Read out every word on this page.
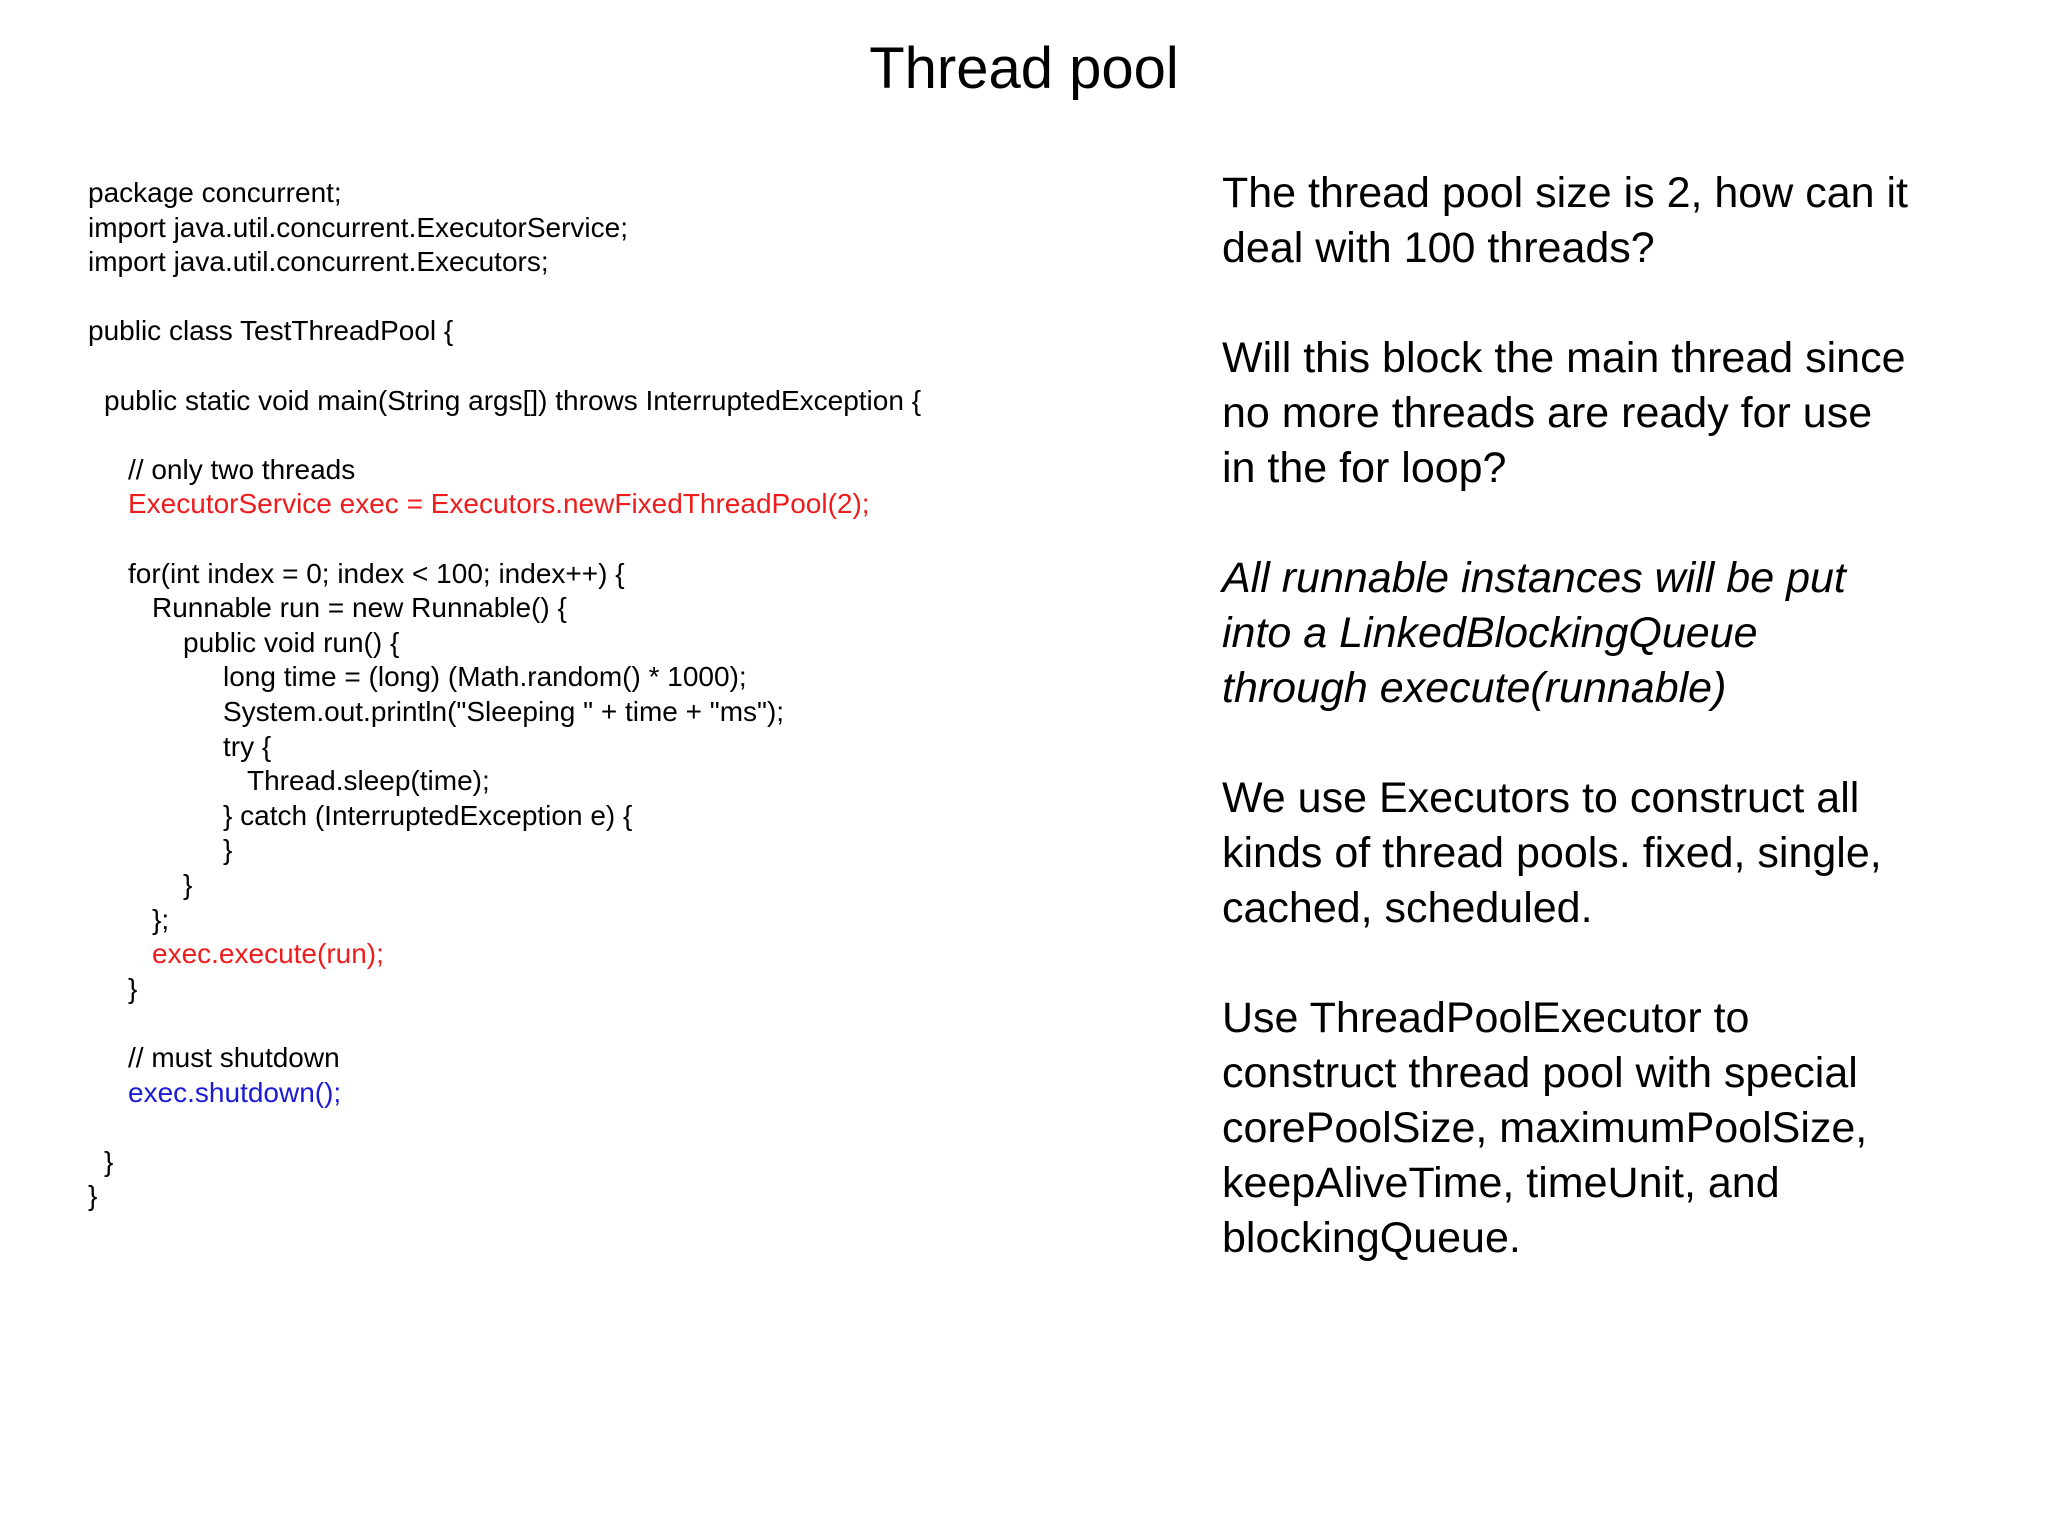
Thread pool
package concurrent;
import java.util.concurrent.ExecutorService;
import java.util.concurrent.Executors;
public class TestThreadPool {
public static void main(String args[]) throws InterruptedException {
// only two threads
ExecutorService exec = Executors.newFixedThreadPool(2);
for(int index = 0; index < 100; index++) {
Runnable run = new Runnable() {
public void run() {
long time = (long) (Math.random() * 1000);
System.out.println("Sleeping " + time + "ms");
try {
Thread.sleep(time);
} catch (InterruptedException e) {
}
}
};
exec.execute(run);
}
// must shutdown
exec.shutdown();
}
}
The thread pool size is 2, how can it
deal with 100 threads?
Will this block the main thread since
no more threads are ready for use
in the for loop?
All runnable instances will be put
into a LinkedBlockingQueue
through execute(runnable)
We use Executors to construct all
kinds of thread pools. fixed, single,
cached, scheduled.
Use ThreadPoolExecutor to
construct thread pool with special
corePoolSize, maximumPoolSize,
keepAliveTime, timeUnit, and
blockingQueue.
